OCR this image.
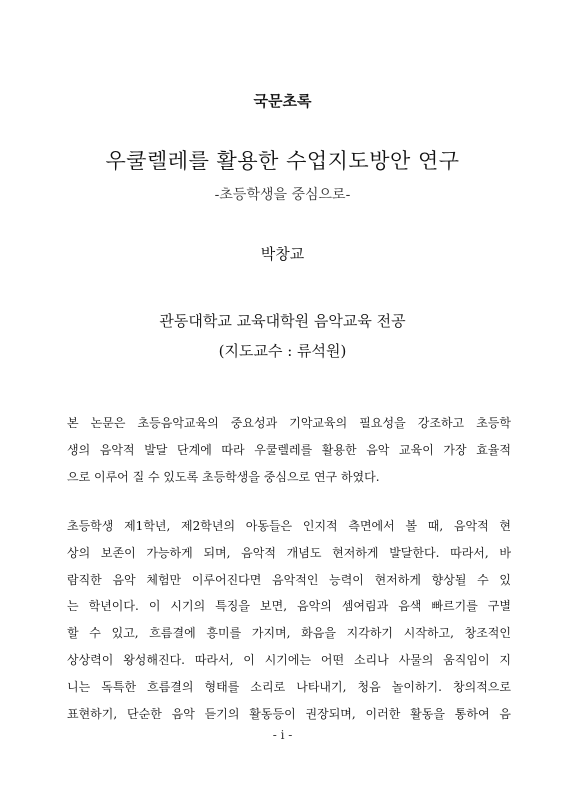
국문초록
우쿨렐레를 활용한 수업지도방안 연구
-초등학생을 중심으로-
박창교
관동대학교 교육대학원 음악교육 전공
(지도교수 : 류석원)
본 논문은 초등음악교육의 중요성과 기악교육의 필요성을 강조하고 초등학
생의 음악적 발달 단계에 따라 우쿨렐레를 활용한 음악 교육이 가장 효율적
으로 이루어 질 수 있도록 초등학생을 중심으로 연구 하였다.
초등학생 제1학년, 제2학년의 아동들은 인지적 측면에서 볼 때, 음악적 현
상의 보존이 가능하게 되며, 음악적 개념도 현저하게 발달한다. 따라서, 바
람직한 음악 체험만 이루어진다면 음악적인 능력이 현저하게 향상될 수 있
는 학년이다. 이 시기의 특징을 보면, 음악의 셈여림과 음색 빠르기를 구별
할 수 있고, 흐름결에 흥미를 가지며, 화음을 지각하기 시작하고, 창조적인
상상력이 왕성해진다. 따라서, 이 시기에는 어떤 소리나 사물의 움직임이 지
니는 독특한 흐름결의 형태를 소리로 나타내기, 청음 놀이하기. 창의적으로
표현하기, 단순한 음악 듣기의 활동등이 권장되며, 이러한 활동을 통하여 음
- i -
